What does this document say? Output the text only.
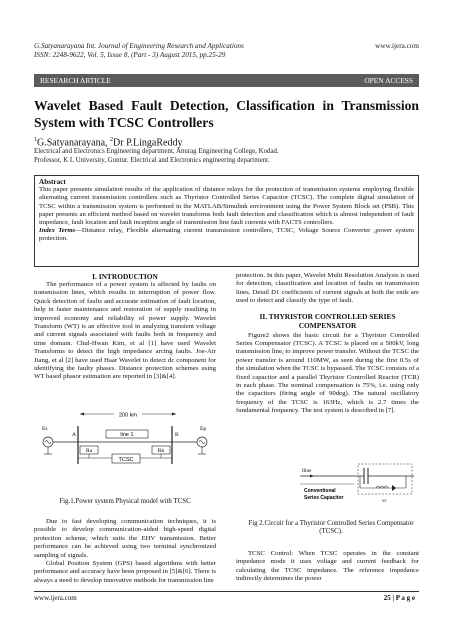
G.Satyanarayana Int. Journal of Engineering Research and Applications
ISSN: 2248-9622, Vol. 5, Issue 8, (Part - 3) August 2015, pp.25-29
www.ijera.com
RESEARCH ARTICLE	OPEN ACCESS
Wavelet Based Fault Detection, Classification in Transmission System with TCSC Controllers
$^1$G.Satyanarayana, $^2$Dr P.LingaReddy
Electrical and Electronics Engineering department, Anurag Engineering College, Kodad.
Professor, K L University, Guntur. Electrical and Electronics engineering department.
Abstract
This paper presents simulation results of the application of distance relays for the protection of transmission systems employing flexible alternating current transmission controllers such as Thyristor Controlled Series Capacitor (TCSC). The complete digital simulation of TCSC within a transmission system is performed in the MATLAB/Simulink environment using the Power System Block set (PSB). This paper presents an efficient method based on wavelet transforms both fault detection and classification which is almost independent of fault impedance, fault location and fault inception angle of transmission line fault currents with FACTS controllers.
Index Terms—Distance relay, Flexible alternating current transmission controllers, TCSC, Voltage Source Converter ,power system protection.
I. INTRODUCTION
The performance of a power system is affected by faults on transmission lines, which results in interruption of power flow. Quick detection of faults and accurate estimation of fault location, help in faster maintenance and restoration of supply resulting in improved economy and reliability of power supply. Wavelet Transform (WT) is an effective tool in analyzing transient voltage and current signals associated with faults both in frequency and time domain. Chul-Hwan Kim, et al [1] have used Wavelet Transforms to detect the high impedance arcing faults. Joe-Air Jiang, et al [2] have used Haar Wavelet to detect dc component for identifying the faulty phases. Distance protection schemes using WT based phasor estimation are reported in [3]&[4].
200 km
Es	Ep
A	B
line 1
Ra	Rb
TCSC
Fig.1.Power system Physical model with TCSC
Due to fast developing communication techniques, it is possible to develop communication-aided high-speed digital protection scheme, which suits the EHV transmission. Better performance can be achieved using two terminal synchronized sampling of signals.
Global Position System (GPS) based algorithms with better performance and accuracy have been proposed in [5]&[6]. There is always a need to develop innovative methods for transmission line
protection. In this paper, Wavelet Multi Resolution Analysis is used for detection, classification and location of faults on transmission lines. Detail D1 coefficients of current signals at both the ends are used to detect and classify the type of fault.
II. THYRISTOR CONTROLLED SERIES COMPENSATOR
Figure2 shows the basic circuit for a Thyristor Controlled Series Compensator (TCSC). A TCSC is placed on a 500kV, long transmission line, to improve power transfer. Without the TCSC the power transfer is around 110MW, as seen during the first 0.5s of the simulation when the TCSC is bypassed. The TCSC consists of a fixed capacitor and a parallel Thyristor Controlled Reactor (TCR) in each phase. The nominal compensation is 75%, i.e. using only the capacitors (firing angle of 90deg). The natural oscillatory frequency of the TCSC is 163Hz, which is 2.7 times the fundamental frequency. The test system is described in [7].
Iline
vc
Conventional
Series Capacitor
Fig 2.Circuit for a Thyristor Controlled Series Compensator (TCSC).
TCSC Control: When TCSC operates in the constant impedance mode it uses voltage and current feedback for calculating the TCSC impedance. The reference impedance indirectly determines the power
www.ijera.com	25 | P a g e
